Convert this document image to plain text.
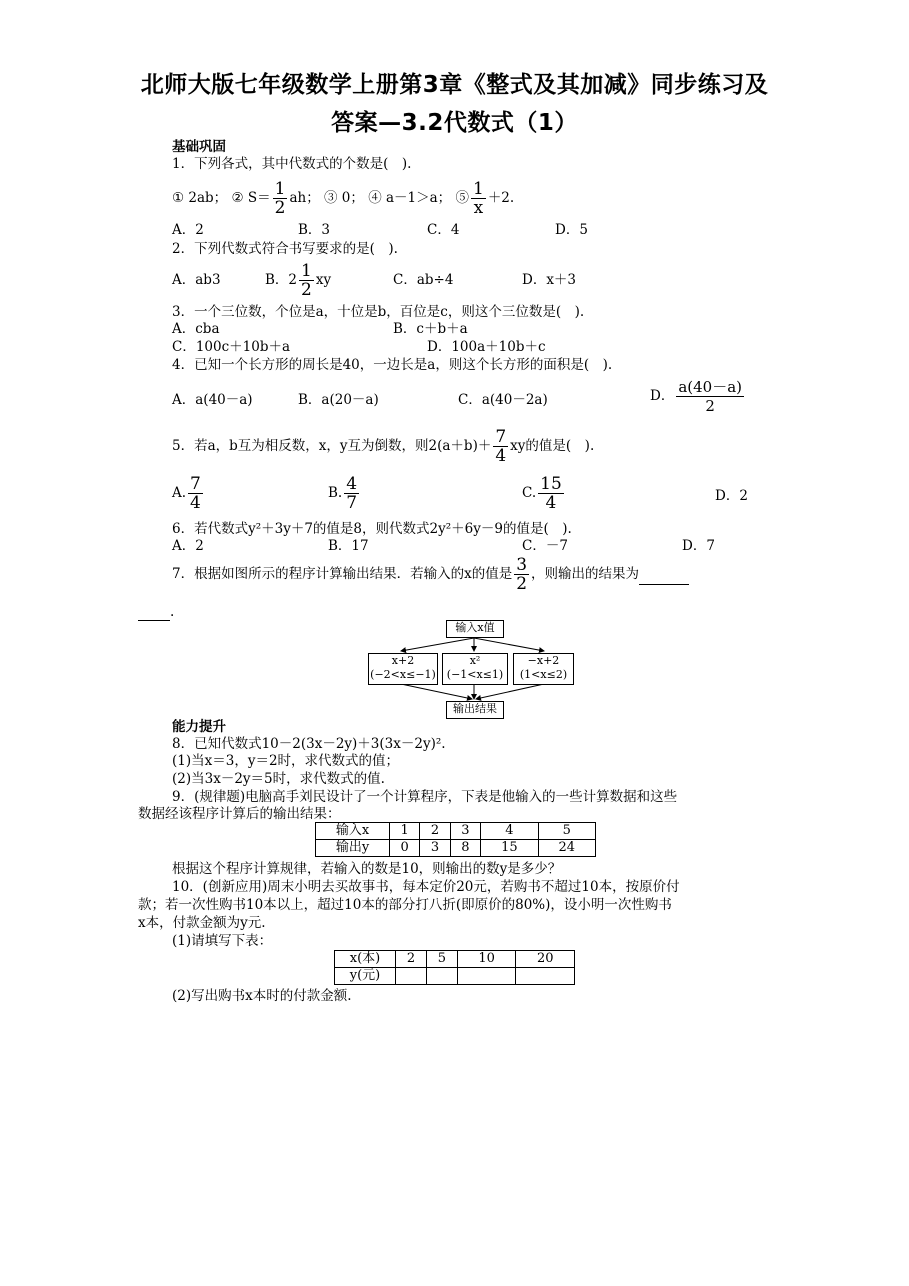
北师大版七年级数学上册第3章《整式及其加减》同步练习及
答案—3.2代数式（1）
基础巩固
1．下列各式，其中代数式的个数是(　).
① 2ab； ② $S= \frac{1}{2}$ ah； ③ 0； ④ a－1＞a； ⑤ $\frac{1}{x} +2$.
A．2	B．3	C．4	D．5
2．下列代数式符合书写要求的是(　).
A．ab3	B．$2 \frac{1}{2}$ xy	C．ab÷4	D．x＋3
3．一个三位数，个位是a，十位是b，百位是c，则这个三位数是(　).
A．cba	B．c＋b＋a
C．100c＋10b＋a	D．100a＋10b＋c
4．已知一个长方形的周长是40，一边长是a，则这个长方形的面积是(　).
A．a(40－a)	B．a(20－a)	C．a(40－2a)	D． $\frac{a(40-a)}{2}$
5．若a，b互为相反数，x，y互为倒数，则$2(a+b)+ \frac{7}{4}$ xy的值是(　).
A. $\frac{7}{4}$	B. $\frac{4}{7}$	C. $\frac{15}{4}$	D．2
6．若代数式y²＋3y＋7的值是8，则代数式2y²＋6y－9的值是(　).
A．2	B．17	C．－7	D．7
7．根据如图所示的程序计算输出结果．若输入的x的值是 $\frac{3}{2}$ ，则输出的结果为
.
输入x值
x+2
(−2<x≤−1)
x²
(−1<x≤1)
−x+2
(1<x≤2)
输出结果
能力提升
8．已知代数式10－2(3x－2y)＋3(3x－2y)².
(1)当x＝3，y＝2时，求代数式的值；
(2)当3x－2y＝5时，求代数式的值.
9．(规律题)电脑高手刘民设计了一个计算程序，下表是他输入的一些计算数据和这些
数据经该程序计算后的输出结果：
输入x	1	2	3	4	5
输出y	0	3	8	15	24
根据这个程序计算规律，若输入的数是10，则输出的数y是多少？
10．(创新应用)周末小明去买故事书，每本定价20元，若购书不超过10本，按原价付
款；若一次性购书10本以上，超过10本的部分打八折(即原价的80%)，设小明一次性购书
x本，付款金额为y元.
(1)请填写下表：
x(本)	2	5	10	20
y(元)				
(2)写出购书x本时的付款金额.
